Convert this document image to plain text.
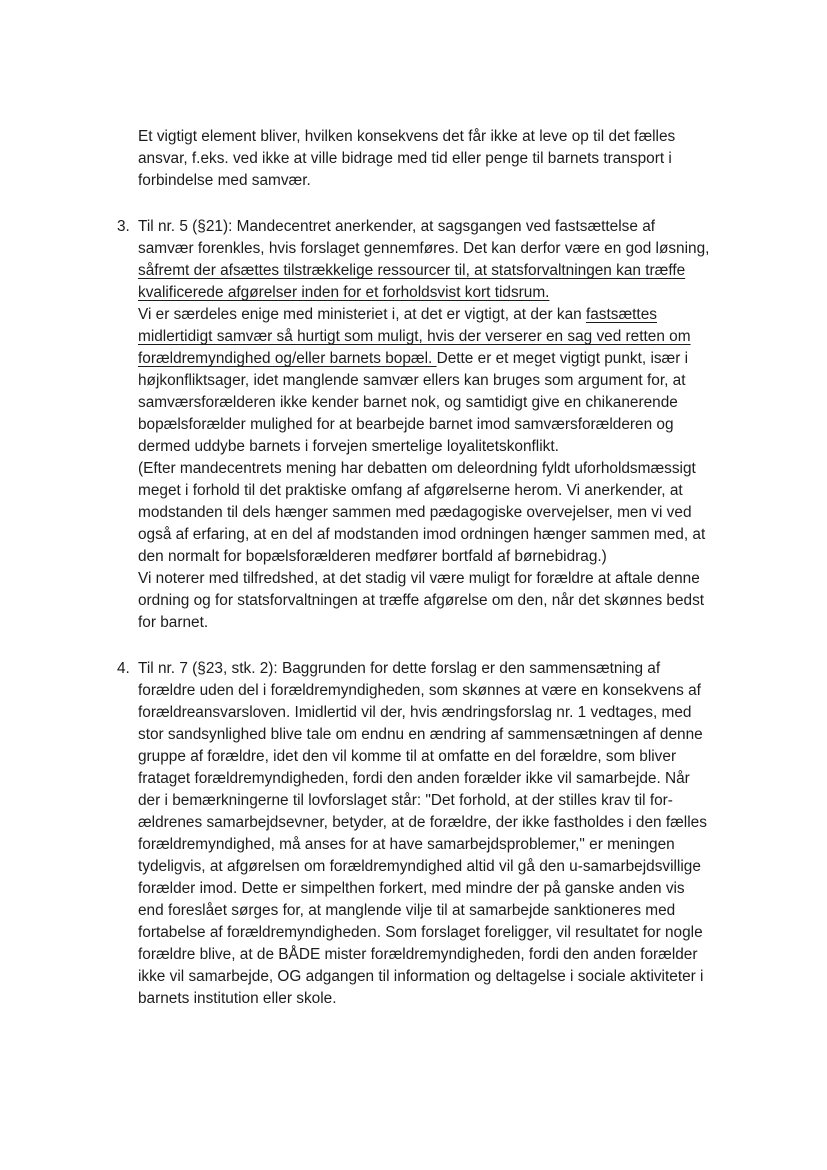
Et vigtigt element bliver, hvilken konsekvens det får ikke at leve op til det fælles
ansvar, f.eks. ved ikke at ville bidrage med tid eller penge til barnets transport i
forbindelse med samvær.
3. Til nr. 5 (§21): Mandecentret anerkender, at sagsgangen ved fastsættelse af
samvær forenkles, hvis forslaget gennemføres. Det kan derfor være en god løsning,
såfremt der afsættes tilstrækkelige ressourcer til, at statsforvaltningen kan træffe
kvalificerede afgørelser inden for et forholdsvist kort tidsrum.
Vi er særdeles enige med ministeriet i, at det er vigtigt, at der kan fastsættes
midlertidigt samvær så hurtigt som muligt, hvis der verserer en sag ved retten om
forældremyndighed og/eller barnets bopæl. Dette er et meget vigtigt punkt, især i
højkonfliktsager, idet manglende samvær ellers kan bruges som argument for, at
samværsforælderen ikke kender barnet nok, og samtidigt give en chikanerende
bopælsforælder mulighed for at bearbejde barnet imod samværsforælderen og
dermed uddybe barnets i forvejen smertelige loyalitetskonflikt.
(Efter mandecentrets mening har debatten om deleordning fyldt uforholdsmæssigt
meget i forhold til det praktiske omfang af afgørelserne herom. Vi anerkender, at
modstanden til dels hænger sammen med pædagogiske overvejelser, men vi ved
også af erfaring, at en del af modstanden imod ordningen hænger sammen med, at
den normalt for bopælsforælderen medfører bortfald af børnebidrag.)
Vi noterer med tilfredshed, at det stadig vil være muligt for forældre at aftale denne
ordning og for statsforvaltningen at træffe afgørelse om den, når det skønnes bedst
for barnet.
4. Til nr. 7 (§23, stk. 2): Baggrunden for dette forslag er den sammensætning af
forældre uden del i forældremyndigheden, som skønnes at være en konsekvens af
forældreansvarsloven. Imidlertid vil der, hvis ændringsforslag nr. 1 vedtages, med
stor sandsynlighed blive tale om endnu en ændring af sammensætningen af denne
gruppe af forældre, idet den vil komme til at omfatte en del forældre, som bliver
frataget forældremyndigheden, fordi den anden forælder ikke vil samarbejde. Når
der i bemærkningerne til lovforslaget står: "Det forhold, at der stilles krav til for-
ældrenes samarbejdsevner, betyder, at de forældre, der ikke fastholdes i den fælles
forældremyndighed, må anses for at have samarbejdsproblemer," er meningen
tydeligvis, at afgørelsen om forældremyndighed altid vil gå den u-samarbejdsvillige
forælder imod. Dette er simpelthen forkert, med mindre der på ganske anden vis
end foreslået sørges for, at manglende vilje til at samarbejde sanktioneres med
fortabelse af forældremyndigheden. Som forslaget foreligger, vil resultatet for nogle
forældre blive, at de BÅDE mister forældremyndigheden, fordi den anden forælder
ikke vil samarbejde, OG adgangen til information og deltagelse i sociale aktiviteter i
barnets institution eller skole.
